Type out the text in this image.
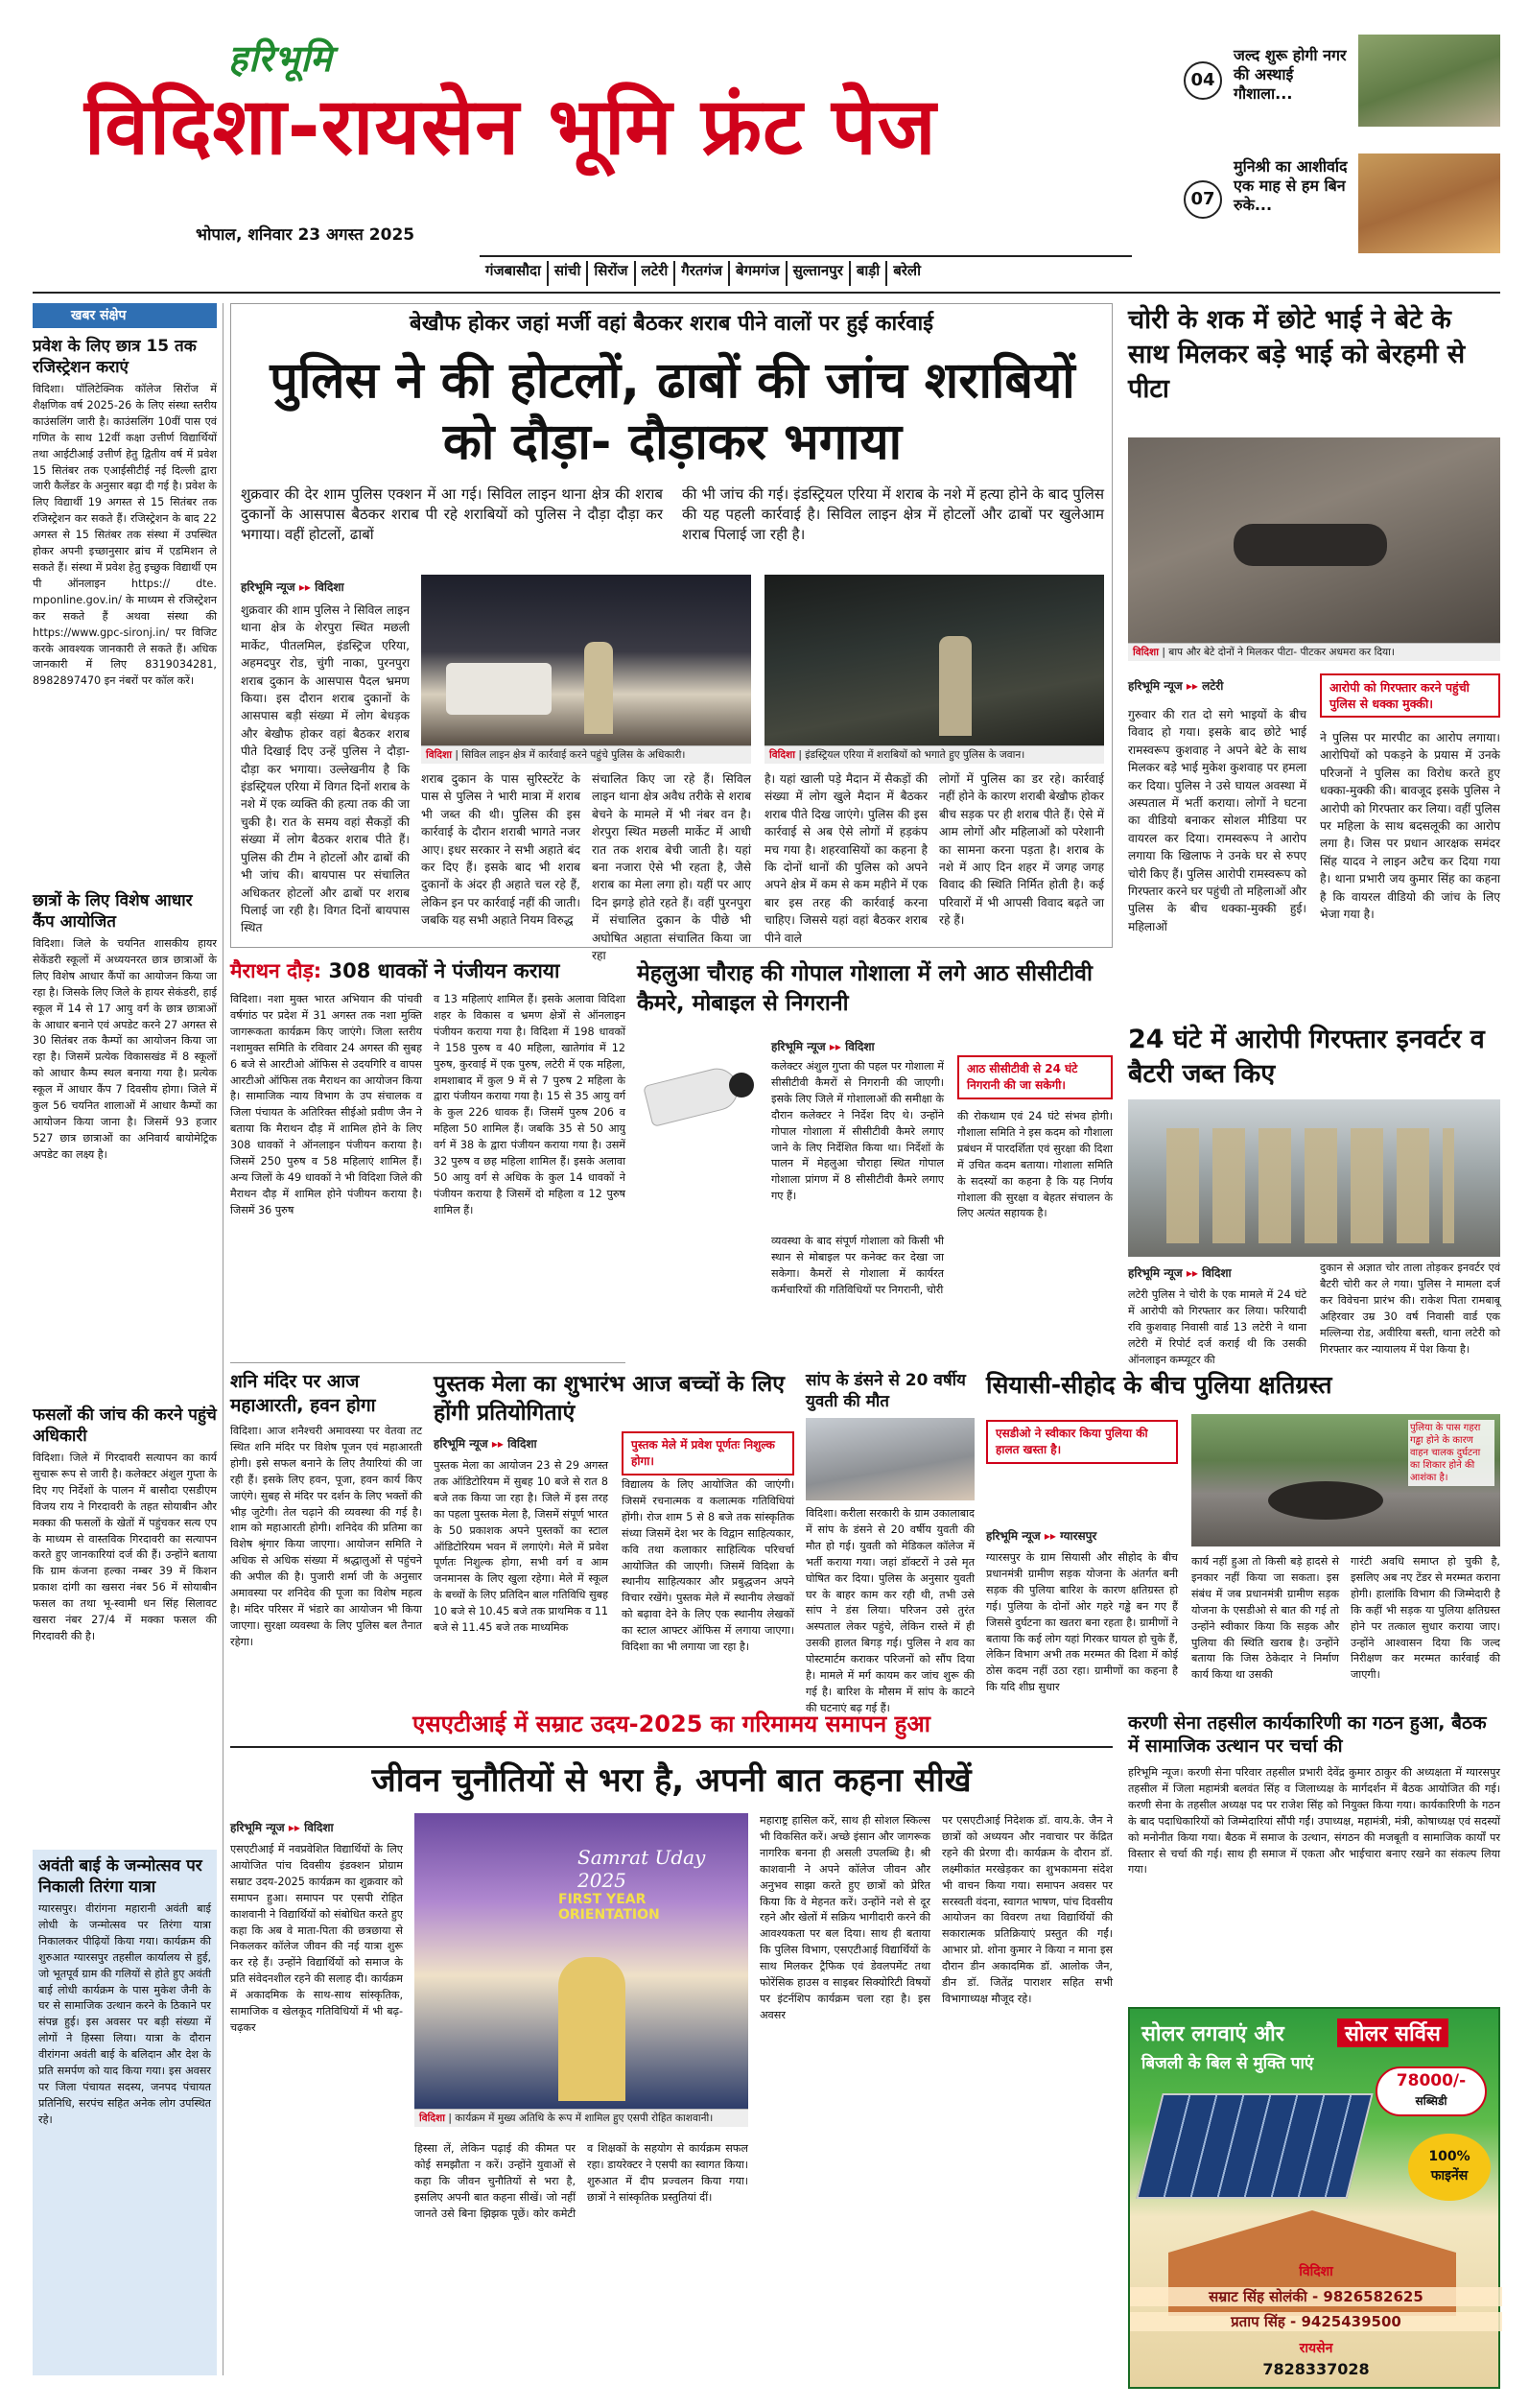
हरिभूमि
विदिशा-रायसेन भूमि फ्रंट पेज
भोपाल, शनिवार 23 अगस्त 2025
04
जल्द शुरू होगी नगर की अस्थाई गौशाला...
07
मुनिश्री का आशीर्वाद एक माह से हम बिन रुके...
गंजबासौदा सांची सिरोंज लटेरी गैरतगंज बेगमगंज सुल्तानपुर बाड़ी बरेली
खबर संक्षेप
प्रवेश के लिए छात्र 15 तक रजिस्ट्रेशन कराएं
विदिशा। पॉलिटेक्निक कॉलेज सिरोंज में शैक्षणिक वर्ष 2025-26 के लिए संस्था स्तरीय काउंसलिंग जारी है। काउंसलिंग 10वीं पास एवं गणित के साथ 12वीं कक्षा उत्तीर्ण विद्यार्थियों तथा आईटीआई उत्तीर्ण हेतु द्वितीय वर्ष में प्रवेश 15 सितंबर तक एआईसीटीई नई दिल्ली द्वारा जारी कैलेंडर के अनुसार बढ़ा दी गई है। प्रवेश के लिए विद्यार्थी 19 अगस्त से 15 सितंबर तक रजिस्ट्रेशन कर सकते हैं। रजिस्ट्रेशन के बाद 22 अगस्त से 15 सितंबर तक संस्था में उपस्थित होकर अपनी इच्छानुसार ब्रांच में एडमिशन ले सकते हैं। संस्था में प्रवेश हेतु इच्छुक विद्यार्थी एम पी ऑनलाइन https:// dte. mponline.gov.in/ के माध्यम से रजिस्ट्रेशन कर सकते हैं अथवा संस्था की https://www.gpc-sironj.in/ पर विजिट करके आवश्यक जानकारी ले सकते हैं। अधिक जानकारी में लिए 8319034281, 8982897470 इन नंबरों पर कॉल करें।
छात्रों के लिए विशेष आधार कैंप आयोजित
विदिशा। जिले के चयनित शासकीय हायर सेकेंडरी स्कूलों में अध्ययनरत छात्र छात्राओं के लिए विशेष आधार कैंपों का आयोजन किया जा रहा है। जिसके लिए जिले के हायर सेकंडरी, हाई स्कूल में 14 से 17 आयु वर्ग के छात्र छात्राओं के आधार बनाने एवं अपडेट करने 27 अगस्त से 30 सितंबर तक कैम्पों का आयोजन किया जा रहा है। जिसमें प्रत्येक विकासखंड में 8 स्कूलों को आधार कैम्प स्थल बनाया गया है। प्रत्येक स्कूल में आधार कैंप 7 दिवसीय होगा। जिले में कुल 56 चयनित शालाओं में आधार कैम्पों का आयोजन किया जाना है। जिसमें 93 हजार 527 छात्र छात्राओं का अनिवार्य बायोमेट्रिक अपडेट का लक्ष्य है।
फसलों की जांच की करने पहुंचे अधिकारी
विदिशा। जिले में गिरदावरी सत्यापन का कार्य सुचारू रूप से जारी है। कलेक्टर अंशुल गुप्ता के दिए गए निर्देशों के पालन में बासौदा एसडीएम विजय राय ने गिरदावरी के तहत सोयाबीन और मक्का की फसलों के खेतों में पहुंचकर सत्य एप के माध्यम से वास्तविक गिरदावरी का सत्यापन करते हुए जानकारियां दर्ज की हैं। उन्होंने बताया कि ग्राम कंजना हल्का नम्बर 39 में किशन प्रकाश दांगी का खसरा नंबर 56 में सोयाबीन फसल का तथा भू-स्वामी धन सिंह सिलावट खसरा नंबर 27/4 में मक्का फसल की गिरदावरी की है।
अवंती बाई के जन्मोत्सव पर निकाली तिरंगा यात्रा
ग्यारसपुर। वीरांगना महारानी अवंती बाई लोधी के जन्मोत्सव पर तिरंगा यात्रा निकालकर पीढ़ियों किया गया। कार्यक्रम की शुरुआत ग्यारसपुर तहसील कार्यालय से हुई, जो भूतपूर्व ग्राम की गलियों से होते हुए अवंती बाई लोधी कार्यक्रम के पास मुकेश जैनी के घर से सामाजिक उत्थान करने के ठिकाने पर संपन्न हुई। इस अवसर पर बड़ी संख्या में लोगों ने हिस्सा लिया। यात्रा के दौरान वीरांगना अवंती बाई के बलिदान और देश के प्रति समर्पण को याद किया गया। इस अवसर पर जिला पंचायत सदस्य, जनपद पंचायत प्रतिनिधि, सरपंच सहित अनेक लोग उपस्थित रहे।
बेखौफ होकर जहां मर्जी वहां बैठकर शराब पीने वालों पर हुई कार्रवाई
पुलिस ने की होटलों, ढाबों की जांच शराबियों को दौड़ा- दौड़ाकर भगाया
शुक्रवार की देर शाम पुलिस एक्शन में आ गई। सिविल लाइन थाना क्षेत्र की शराब दुकानों के आसपास बैठकर शराब पी रहे शराबियों को पुलिस ने दौड़ा दौड़ा कर भगाया। वहीं होटलों, ढाबों
की भी जांच की गई। इंडस्ट्रियल एरिया में शराब के नशे में हत्या होने के बाद पुलिस की यह पहली कार्रवाई है। सिविल लाइन क्षेत्र में होटलों और ढाबों पर खुलेआम शराब पिलाई जा रही है।
हरिभूमि न्यूज ▸▸ विदिशा
शुक्रवार की शाम पुलिस ने सिविल लाइन थाना क्षेत्र के शेरपुरा स्थित मछली मार्केट, पीतलमिल, इंडस्ट्रिज एरिया, अहमदपुर रोड, चुंगी नाका, पुरनपुरा शराब दुकान के आसपास पैदल भ्रमण किया। इस दौरान शराब दुकानों के आसपास बड़ी संख्या में लोग बेधड़क और बेखौफ होकर वहां बैठकर शराब पीते दिखाई दिए उन्हें पुलिस ने दौड़ा-दौड़ा कर भगाया। उल्लेखनीय है कि इंडस्ट्रियल एरिया में विगत दिनों शराब के नशे में एक व्यक्ति की हत्या तक की जा चुकी है। रात के समय वहां सैकड़ों की संख्या में लोग बैठकर शराब पीते हैं। पुलिस की टीम ने होटलों और ढाबों की भी जांच की। बायपास पर संचालित अधिकतर होटलों और ढाबों पर शराब पिलाई जा रही है। विगत दिनों बायपास स्थित
विदिशा | सिविल लाइन क्षेत्र में कार्रवाई करने पहुंचे पुलिस के अधिकारी।	विदिशा | इंडस्ट्रियल एरिया में शराबियों को भगाते हुए पुलिस के जवान।
शराब दुकान के पास सुरिस्टरेंट के पास से पुलिस ने भारी मात्रा में शराब भी जब्त की थी। पुलिस की इस कार्रवाई के दौरान शराबी भागते नजर आए। इधर सरकार ने सभी अहाते बंद कर दिए हैं। इसके बाद भी शराब दुकानों के अंदर ही अहाते चल रहे हैं, लेकिन इन पर कार्रवाई नहीं की जाती। जबकि यह सभी अहाते नियम विरुद्ध
संचालित किए जा रहे हैं। सिविल लाइन थाना क्षेत्र अवैध तरीके से शराब बेचने के मामले में भी नंबर वन है। शेरपुरा स्थित मछली मार्केट में आधी रात तक शराब बेची जाती है। यहां बना नजारा ऐसे भी रहता है, जैसे शराब का मेला लगा हो। यहीं पर आए दिन झगड़े होते रहते हैं। वहीं पुरनपुरा में संचालित दुकान के पीछे भी अघोषित अहाता संचालित किया जा रहा
है। यहां खाली पड़े मैदान में सैकड़ों की संख्या में लोग खुले मैदान में बैठकर शराब पीते दिख जाएंगे। पुलिस की इस कार्रवाई से अब ऐसे लोगों में हड़कंप मच गया है। शहरवासियों का कहना है कि दोनों थानों की पुलिस को अपने अपने क्षेत्र में कम से कम महीने में एक बार इस तरह की कार्रवाई करना चाहिए। जिससे यहां वहां बैठकर शराब पीने वाले
लोगों में पुलिस का डर रहे। कार्रवाई नहीं होने के कारण शराबी बेखौफ होकर बीच सड़क पर ही शराब पीते हैं। ऐसे में आम लोगों और महिलाओं को परेशानी का सामना करना पड़ता है। शराब के नशे में आए दिन शहर में जगह जगह विवाद की स्थिति निर्मित होती है। कई परिवारों में भी आपसी विवाद बढ़ते जा रहे हैं।
चोरी के शक में छोटे भाई ने बेटे के साथ मिलकर बड़े भाई को बेरहमी से पीटा
विदिशा | बाप और बेटे दोनों ने मिलकर पीटा- पीटकर अधमरा कर दिया।
हरिभूमि न्यूज ▸▸ लटेरी
गुरुवार की रात दो सगे भाइयों के बीच विवाद हो गया। इसके बाद छोटे भाई रामस्वरूप कुशवाह ने अपने बेटे के साथ मिलकर बड़े भाई मुकेश कुशवाह पर हमला कर दिया। पुलिस ने उसे घायल अवस्था में अस्पताल में भर्ती कराया। लोगों ने घटना का वीडियो बनाकर सोशल मीडिया पर वायरल कर दिया। रामस्वरूप ने आरोप लगाया कि खिलाफ ने उनके घर से रुपए चोरी किए हैं। पुलिस आरोपी रामस्वरूप को गिरफ्तार करने घर पहुंची तो महिलाओं और पुलिस के बीच धक्का-मुक्की हुई। महिलाओं
आरोपी को गिरफ्तार करने पहुंची पुलिस से धक्का मुक्की।
ने पुलिस पर मारपीट का आरोप लगाया। आरोपियों को पकड़ने के प्रयास में उनके परिजनों ने पुलिस का विरोध करते हुए धक्का-मुक्की की। बावजूद इसके पुलिस ने आरोपी को गिरफ्तार कर लिया। वहीं पुलिस पर महिला के साथ बदसलूकी का आरोप लगा है। जिस पर प्रधान आरक्षक समंदर सिंह यादव ने लाइन अटैच कर दिया गया है। थाना प्रभारी जय कुमार सिंह का कहना है कि वायरल वीडियो की जांच के लिए भेजा गया है।
मैराथन दौड़: 308 धावकों ने पंजीयन कराया
विदिशा। नशा मुक्त भारत अभियान की पांचवी वर्षगांठ पर प्रदेश में 31 अगस्त तक नशा मुक्ति जागरूकता कार्यक्रम किए जाएंगे। जिला स्तरीय नशामुक्त समिति के रविवार 24 अगस्त की सुबह 6 बजे से आरटीओ ऑफिस से उदयगिरि व वापस आरटीओ ऑफिस तक मैराथन का आयोजन किया है। सामाजिक न्याय विभाग के उप संचालक व जिला पंचायत के अतिरिक्त सीईओ प्रवीण जैन ने बताया कि मैराथन दौड़ में शामिल होने के लिए 308 धावकों ने ऑनलाइन पंजीयन कराया है। जिसमें 250 पुरुष व 58 महिलाएं शामिल हैं। अन्य जिलों के 49 धावकों ने भी विदिशा जिले की मैराथन दौड़ में शामिल होने पंजीयन कराया है। जिसमें 36 पुरुष
व 13 महिलाएं शामिल हैं। इसके अलावा विदिशा शहर के विकास व भ्रमण क्षेत्रों से ऑनलाइन पंजीयन कराया गया है। विदिशा में 198 धावकों ने 158 पुरुष व 40 महिला, खातेगांव में 12 पुरुष, कुरवाई में एक पुरुष, लटेरी में एक महिला, शमशाबाद में कुल 9 में से 7 पुरुष 2 महिला के द्वारा पंजीयन कराया गया है। 15 से 35 आयु वर्ग के कुल 226 धावक हैं। जिसमें पुरुष 206 व महिला 50 शामिल हैं। जबकि 35 से 50 आयु वर्ग में 38 के द्वारा पंजीयन कराया गया है। उसमें 32 पुरुष व छह महिला शामिल हैं। इसके अलावा 50 आयु वर्ग से अधिक के कुल 14 धावकों ने पंजीयन कराया है जिसमें दो महिला व 12 पुरुष शामिल हैं।
शनि मंदिर पर आज महाआरती, हवन होगा
विदिशा। आज शनैश्चरी अमावस्या पर वेतवा तट स्थित शनि मंदिर पर विशेष पूजन एवं महाआरती होगी। इसे सफल बनाने के लिए तैयारियां की जा रही हैं। इसके लिए हवन, पूजा, हवन कार्य किए जाएंगे। सुबह से मंदिर पर दर्शन के लिए भक्तों की भीड़ जुटेगी। तेल चढ़ाने की व्यवस्था की गई है। शाम को महाआरती होगी। शनिदेव की प्रतिमा का विशेष श्रृंगार किया जाएगा। आयोजन समिति ने अधिक से अधिक संख्या में श्रद्धालुओं से पहुंचने की अपील की है। पुजारी शर्मा जी के अनुसार अमावस्या पर शनिदेव की पूजा का विशेष महत्व है। मंदिर परिसर में भंडारे का आयोजन भी किया जाएगा। सुरक्षा व्यवस्था के लिए पुलिस बल तैनात रहेगा।
मेहलुआ चौराह की गोपाल गोशाला में लगे आठ सीसीटीवी कैमरे, मोबाइल से निगरानी
हरिभूमि न्यूज ▸▸ विदिशा
कलेक्टर अंशुल गुप्ता की पहल पर गोशाला में सीसीटीवी कैमरों से निगरानी की जाएगी। इसके लिए जिले में गोशालाओं की समीक्षा के दौरान कलेक्टर ने निर्देश दिए थे। उन्होंने गोपाल गोशाला में सीसीटीवी कैमरे लगाए जाने के लिए निर्देशित किया था। निर्देशों के पालन में मेहलुआ चौराहा स्थित गोपाल गोशाला प्रांगण में 8 सीसीटीवी कैमरे लगाए गए हैं।
आठ सीसीटीवी से 24 घंटे निगरानी की जा सकेगी।
व्यवस्था के बाद संपूर्ण गोशाला को किसी भी स्थान से मोबाइल पर कनेक्ट कर देखा जा सकेगा। कैमरों से गोशाला में कार्यरत कर्मचारियों की गतिविधियों पर निगरानी, चोरी
की रोकथाम एवं 24 घंटे संभव होगी। गौशाला समिति ने इस कदम को गौशाला प्रबंधन में पारदर्शिता एवं सुरक्षा की दिशा में उचित कदम बताया। गोशाला समिति के सदस्यों का कहना है कि यह निर्णय गोशाला की सुरक्षा व बेहतर संचालन के लिए अत्यंत सहायक है।
24 घंटे में आरोपी गिरफ्तार इनवर्टर व बैटरी जब्त किए
हरिभूमि न्यूज ▸▸ विदिशा
लटेरी पुलिस ने चोरी के एक मामले में 24 घंटे में आरोपी को गिरफ्तार कर लिया। फरियादी रवि कुशवाह निवासी वार्ड 13 लटेरी ने थाना लटेरी में रिपोर्ट दर्ज कराई थी कि उसकी ऑनलाइन कम्प्यूटर की
दुकान से अज्ञात चोर ताला तोड़कर इनवर्टर एवं बैटरी चोरी कर ले गया। पुलिस ने मामला दर्ज कर विवेचना प्रारंभ की। राकेश पिता रामबाबू अहिरवार उम्र 30 वर्ष निवासी वार्ड एक मल्लिन्या रोड, अवीरिया बस्ती, थाना लटेरी को गिरफ्तार कर न्यायालय में पेश किया है।
पुस्तक मेला का शुभारंभ आज बच्चों के लिए होंगी प्रतियोगिताएं
हरिभूमि न्यूज ▸▸ विदिशा	पुस्तक मेले में प्रवेश पूर्णतः निशुल्क होगा।
पुस्तक मेला का आयोजन 23 से 29 अगस्त तक ऑडिटोरियम में सुबह 10 बजे से रात 8 बजे तक किया जा रहा है। जिले में इस तरह का पहला पुस्तक मेला है, जिसमें संपूर्ण भारत के 50 प्रकाशक अपने पुस्तकों का स्टाल ऑडिटोरियम भवन में लगाएंगे। मेले में प्रवेश पूर्णतः निशुल्क होगा, सभी वर्ग व आम जनमानस के लिए खुला रहेगा। मेले में स्कूल के बच्चों के लिए प्रतिदिन बाल गतिविधि सुबह 10 बजे से 10.45 बजे तक प्राथमिक व 11 बजे से 11.45 बजे तक माध्यमिक
विद्यालय के लिए आयोजित की जाएंगी। जिसमें रचनात्मक व कलात्मक गतिविधियां होंगी। रोज शाम 5 से 8 बजे तक सांस्कृतिक संध्या जिसमें देश भर के विद्वान साहित्यकार, कवि तथा कलाकार साहित्यिक परिचर्चा आयोजित की जाएगी। जिसमें विदिशा के स्थानीय साहित्यकार और प्रबुद्धजन अपने विचार रखेंगे। पुस्तक मेले में स्थानीय लेखकों को बढ़ावा देने के लिए एक स्थानीय लेखकों का स्टाल आफ्टर ऑफिस में लगाया जाएगा। विदिशा का भी लगाया जा रहा है।
सांप के डंसने से 20 वर्षीय युवती की मौत
विदिशा। करीला सरकारी के ग्राम उकालाबाद में सांप के डंसने से 20 वर्षीय युवती की मौत हो गई। युवती को मेडिकल कॉलेज में भर्ती कराया गया। जहां डॉक्टरों ने उसे मृत घोषित कर दिया। पुलिस के अनुसार युवती घर के बाहर काम कर रही थी, तभी उसे सांप ने डंस लिया। परिजन उसे तुरंत अस्पताल लेकर पहुंचे, लेकिन रास्ते में ही उसकी हालत बिगड़ गई। पुलिस ने शव का पोस्टमार्टम कराकर परिजनों को सौंप दिया है। मामले में मर्ग कायम कर जांच शुरू की गई है। बारिश के मौसम में सांप के काटने की घटनाएं बढ़ गई हैं।
सियासी-सीहोद के बीच पुलिया क्षतिग्रस्त
एसडीओ ने स्वीकार किया पुलिया की हालत खस्ता है।
पुलिया के पास गहरा गड्ढा होने के कारण वाहन चालक दुर्घटना का शिकार होने की आशंका है।
हरिभूमि न्यूज ▸▸ ग्यारसपुर
ग्यारसपुर के ग्राम सियासी और सीहोद के बीच प्रधानमंत्री ग्रामीण सड़क योजना के अंतर्गत बनी सड़क की पुलिया बारिश के कारण क्षतिग्रस्त हो गई। पुलिया के दोनों ओर गहरे गड्ढे बन गए हैं जिससे दुर्घटना का खतरा बना रहता है। ग्रामीणों ने बताया कि कई लोग यहां गिरकर घायल हो चुके हैं, लेकिन विभाग अभी तक मरम्मत की दिशा में कोई ठोस कदम नहीं उठा रहा। ग्रामीणों का कहना है कि यदि शीघ्र सुधार
कार्य नहीं हुआ तो किसी बड़े हादसे से इनकार नहीं किया जा सकता। इस संबंध में जब प्रधानमंत्री ग्रामीण सड़क योजना के एसडीओ से बात की गई तो उन्होंने स्वीकार किया कि सड़क और पुलिया की स्थिति खराब है। उन्होंने बताया कि जिस ठेकेदार ने निर्माण कार्य किया था उसकी
गारंटी अवधि समाप्त हो चुकी है, इसलिए अब नए टेंडर से मरम्मत कराना होगी। हालांकि विभाग की जिम्मेदारी है कि कहीं भी सड़क या पुलिया क्षतिग्रस्त होने पर तत्काल सुधार कराया जाए। उन्होंने आश्वासन दिया कि जल्द निरीक्षण कर मरम्मत कार्रवाई की जाएगी।
एसएटीआई में सम्राट उदय-2025 का गरिमामय समापन हुआ
जीवन चुनौतियों से भरा है, अपनी बात कहना सीखें
हरिभूमि न्यूज ▸▸ विदिशा
एसएटीआई में नवप्रवेशित विद्यार्थियों के लिए आयोजित पांच दिवसीय इंडक्शन प्रोग्राम सम्राट उदय-2025 कार्यक्रम का शुक्रवार को समापन हुआ। समापन पर एसपी रोहित काशवानी ने विद्यार्थियों को संबोधित करते हुए कहा कि अब वे माता-पिता की छत्रछाया से निकलकर कॉलेज जीवन की नई यात्रा शुरू कर रहे हैं। उन्होंने विद्यार्थियों को समाज के प्रति संवेदनशील रहने की सलाह दी। कार्यक्रम में अकादमिक के साथ-साथ सांस्कृतिक, सामाजिक व खेलकूद गतिविधियों में भी बढ़-चढ़कर
Samrat Uday 2025
FIRST YEAR ORIENTATION
विदिशा | कार्यक्रम में मुख्य अतिथि के रूप में शामिल हुए एसपी रोहित काशवानी।
हिस्सा लें, लेकिन पढ़ाई की कीमत पर कोई समझौता न करें। उन्होंने युवाओं से कहा कि जीवन चुनौतियों से भरा है, इसलिए अपनी बात कहना सीखें। जो नहीं जानते उसे बिना झिझक पूछें। कोर कमेटी व शिक्षकों के सहयोग से कार्यक्रम सफल रहा। डायरेक्टर ने एसपी का स्वागत किया। शुरुआत में दीप प्रज्वलन किया गया। छात्रों ने सांस्कृतिक प्रस्तुतियां दीं।
महाराष्ट्र हासिल करें, साथ ही सोशल स्किल्स भी विकसित करें। अच्छे इंसान और जागरूक नागरिक बनना ही असली उपलब्धि है। श्री काशवानी ने अपने कॉलेज जीवन और अनुभव साझा करते हुए छात्रों को प्रेरित किया कि वे मेहनत करें। उन्होंने नशे से दूर रहने और खेलों में सक्रिय भागीदारी करने की आवश्यकता पर बल दिया। साथ ही बताया कि पुलिस विभाग, एसएटीआई विद्यार्थियों के साथ मिलकर ट्रैफिक एवं डेवलपमेंट तथा फोरेंसिक हाउस व साइबर सिक्योरिटी विषयों पर इंटर्नशिप कार्यक्रम चला रहा है। इस अवसर
पर एसएटीआई निदेशक डॉ. वाय.के. जैन ने छात्रों को अध्ययन और नवाचार पर केंद्रित रहने की प्रेरणा दी। कार्यक्रम के दौरान डॉ. लक्ष्मीकांत मरखेड़कर का शुभकामना संदेश भी वाचन किया गया। समापन अवसर पर सरस्वती वंदना, स्वागत भाषण, पांच दिवसीय आयोजन का विवरण तथा विद्यार्थियों की सकारात्मक प्रतिक्रियाएं प्रस्तुत की गईं। आभार प्रो. शोना कुमार ने किया न माना इस दौरान डीन अकादमिक डॉ. आलोक जैन, डीन डॉ. जितेंद्र पाराशर सहित सभी विभागाध्यक्ष मौजूद रहे।
करणी सेना तहसील कार्यकारिणी का गठन हुआ, बैठक में सामाजिक उत्थान पर चर्चा की
हरिभूमि न्यूज। करणी सेना परिवार तहसील प्रभारी देवेंद्र कुमार ठाकुर की अध्यक्षता में ग्यारसपुर तहसील में जिला महामंत्री बलवंत सिंह व जिलाध्यक्ष के मार्गदर्शन में बैठक आयोजित की गई। करणी सेना के तहसील अध्यक्ष पद पर राजेश सिंह को नियुक्त किया गया। कार्यकारिणी के गठन के बाद पदाधिकारियों को जिम्मेदारियां सौंपी गईं। उपाध्यक्ष, महामंत्री, मंत्री, कोषाध्यक्ष एवं सदस्यों को मनोनीत किया गया। बैठक में समाज के उत्थान, संगठन की मजबूती व सामाजिक कार्यों पर विस्तार से चर्चा की गई। साथ ही समाज में एकता और भाईचारा बनाए रखने का संकल्प लिया गया।
सोलर लगवाएं और	सोलर सर्विस
बिजली के बिल से मुक्ति पाएं
78000/-
सब्सिडी
100% फाइनेंस
विदिशा
सम्राट सिंह सोलंकी - 9826582625
प्रताप सिंह - 9425439500
रायसेन
7828337028
